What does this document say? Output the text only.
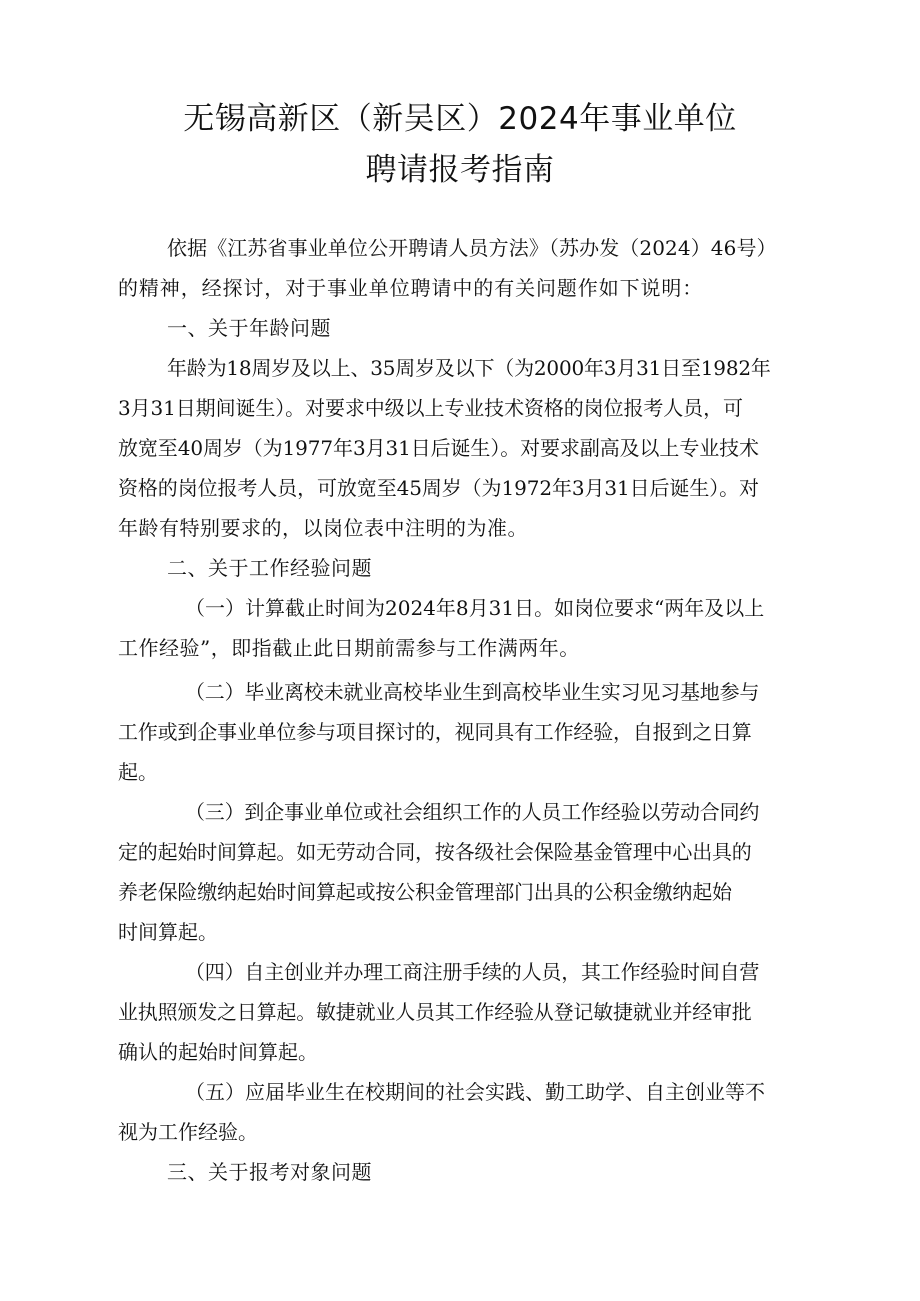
无锡高新区（新吴区）2024年事业单位
聘请报考指南
依据《江苏省事业单位公开聘请人员方法》（苏办发（2024）46号）
的精神，经探讨，对于事业单位聘请中的有关问题作如下说明：
一、关于年龄问题
年龄为18周岁及以上、35周岁及以下（为2000年3月31日至1982年
3月31日期间诞生）。对要求中级以上专业技术资格的岗位报考人员，可
放宽至40周岁（为1977年3月31日后诞生）。对要求副高及以上专业技术
资格的岗位报考人员，可放宽至45周岁（为1972年3月31日后诞生）。对
年龄有特别要求的，以岗位表中注明的为准。
二、关于工作经验问题
（一）计算截止时间为2024年8月31日。如岗位要求“两年及以上
工作经验”，即指截止此日期前需参与工作满两年。
（二）毕业离校未就业高校毕业生到高校毕业生实习见习基地参与
工作或到企事业单位参与项目探讨的，视同具有工作经验，自报到之日算
起。
（三）到企事业单位或社会组织工作的人员工作经验以劳动合同约
定的起始时间算起。如无劳动合同，按各级社会保险基金管理中心出具的
养老保险缴纳起始时间算起或按公积金管理部门出具的公积金缴纳起始
时间算起。
（四）自主创业并办理工商注册手续的人员，其工作经验时间自营
业执照颁发之日算起。敏捷就业人员其工作经验从登记敏捷就业并经审批
确认的起始时间算起。
（五）应届毕业生在校期间的社会实践、勤工助学、自主创业等不
视为工作经验。
三、关于报考对象问题
